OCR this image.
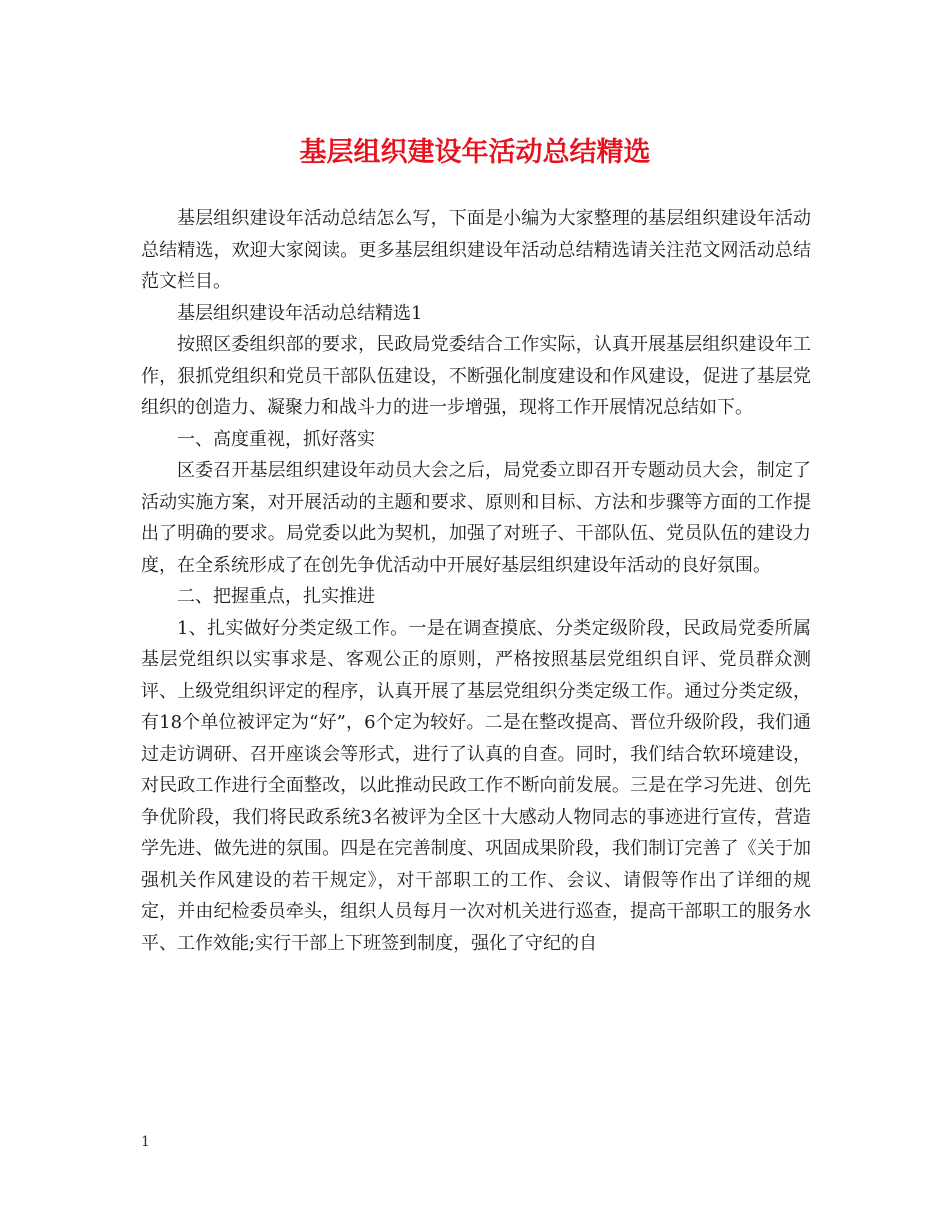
基层组织建设年活动总结精选

基层组织建设年活动总结怎么写，下面是小编为大家整理的基层组织建设年活动总结精选，欢迎大家阅读。更多基层组织建设年活动总结精选请关注范文网活动总结范文栏目。

基层组织建设年活动总结精选1

按照区委组织部的要求，民政局党委结合工作实际，认真开展基层组织建设年工作，狠抓党组织和党员干部队伍建设，不断强化制度建设和作风建设，促进了基层党组织的创造力、凝聚力和战斗力的进一步增强，现将工作开展情况总结如下。

一、高度重视，抓好落实

区委召开基层组织建设年动员大会之后，局党委立即召开专题动员大会，制定了活动实施方案，对开展活动的主题和要求、原则和目标、方法和步骤等方面的工作提出了明确的要求。局党委以此为契机，加强了对班子、干部队伍、党员队伍的建设力度，在全系统形成了在创先争优活动中开展好基层组织建设年活动的良好氛围。

二、把握重点，扎实推进

1、扎实做好分类定级工作。一是在调查摸底、分类定级阶段，民政局党委所属基层党组织以实事求是、客观公正的原则，严格按照基层党组织自评、党员群众测评、上级党组织评定的程序，认真开展了基层党组织分类定级工作。通过分类定级，有18个单位被评定为“好”，6个定为较好。二是在整改提高、晋位升级阶段，我们通过走访调研、召开座谈会等形式，进行了认真的自查。同时，我们结合软环境建设，对民政工作进行全面整改，以此推动民政工作不断向前发展。三是在学习先进、创先争优阶段，我们将民政系统3名被评为全区十大感动人物同志的事迹进行宣传，营造学先进、做先进的氛围。四是在完善制度、巩固成果阶段，我们制订完善了《关于加强机关作风建设的若干规定》，对干部职工的工作、会议、请假等作出了详细的规定，并由纪检委员牵头，组织人员每月一次对机关进行巡查，提高干部职工的服务水平、工作效能;实行干部上下班签到制度，强化了守纪的自

1
